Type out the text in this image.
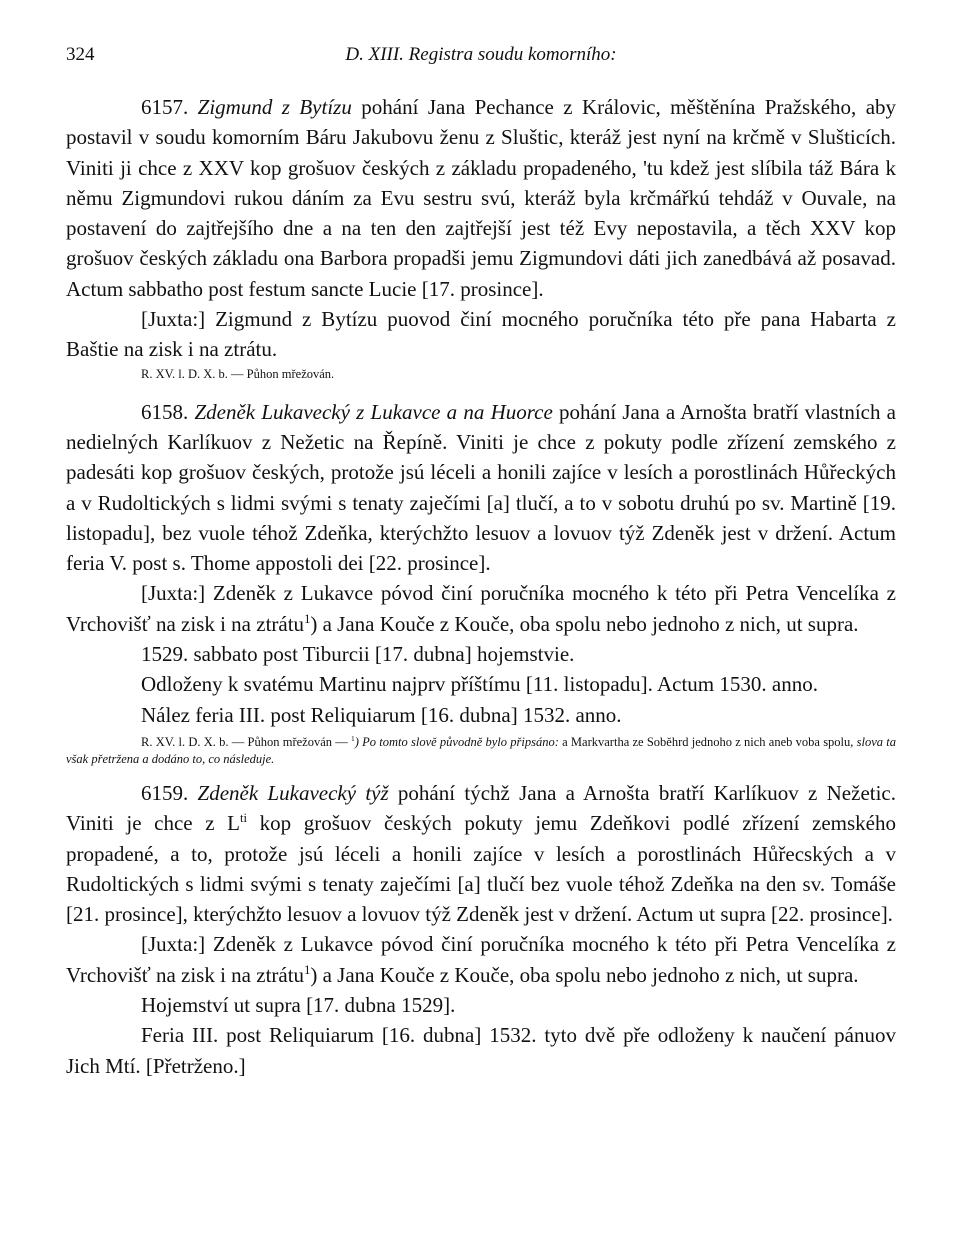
324	D. XIII. Registra soudu komorního:

6157. Zigmund z Bytízu pohání Jana Pechance z Královic, měštěnína Pražského, aby postavil v soudu komorním Báru Jakubovu ženu z Sluštic, kteráž jest nyní na krčmě v Slušticích. Viniti ji chce z XXV kop grošuov českých z základu propadeného, 'tu kdež jest slíbila táž Bára k němu Zigmundovi rukou dáním za Evu sestru svú, kteráž byla krčmářkú tehdáž v Ouvale, na postavení do zajtřejšího dne a na ten den zajtřejší jest též Evy nepostavila, a těch XXV kop grošuov českých základu ona Barbora propadši jemu Zigmundovi dáti jich zanedbává až posavad. Actum sabbatho post festum sancte Lucie [17. prosince].

[Juxta:] Zigmund z Bytízu puovod činí mocného poručníka této pře pana Habarta z Baštie na zisk i na ztrátu.

R. XV. l. D. X. b. — Půhon mřežován.

6158. Zdeněk Lukavecký z Lukavce a na Huorce pohání Jana a Arnošta bratří vlastních a nedielných Karlíkuov z Nežetic na Řepíně. Viniti je chce z pokuty podle zřízení zemského z padesáti kop grošuov českých, protože jsú léceli a honili zajíce v lesích a porostlinách Hůřeckých a v Rudoltických s lidmi svými s tenaty zaječími [a] tlučí, a to v sobotu druhú po sv. Martině [19. listopadu], bez vuole téhož Zdeňka, kterýchžto lesuov a lovuov týž Zdeněk jest v držení. Actum feria V. post s. Thome appostoli dei [22. prosince].

[Juxta:] Zdeněk z Lukavce póvod činí poručníka mocného k této při Petra Vencelíka z Vrchovišť na zisk i na ztrátu$^1$) a Jana Kouče z Kouče, oba spolu nebo jednoho z nich, ut supra.

1529. sabbato post Tiburcii [17. dubna] hojemstvie.

Odloženy k svatému Martinu najprv příštímu [11. listopadu]. Actum 1530. anno.

Nález feria III. post Reliquiarum [16. dubna] 1532. anno.

R. XV. l. D. X. b. — Půhon mřežován — $^1$) Po tomto slově původně bylo připsáno: a Markvartha ze Soběhrd jednoho z nich aneb voba spolu, slova ta však přetržena a dodáno to, co následuje.

6159. Zdeněk Lukavecký týž pohání týchž Jana a Arnošta bratří Karlíkuov z Nežetic. Viniti je chce z $L^{ti}$ kop grošuov českých pokuty jemu Zdeňkovi podlé zřízení zemského propadené, a to, protože jsú léceli a honili zajíce v lesích a porostlinách Hůřecských a v Rudoltických s lidmi svými s tenaty zaječími [a] tlučí bez vuole téhož Zdeňka na den sv. Tomáše [21. prosince], kterýchžto lesuov a lovuov týž Zdeněk jest v držení. Actum ut supra [22. prosince].

[Juxta:] Zdeněk z Lukavce póvod činí poručníka mocného k této při Petra Vencelíka z Vrchovišť na zisk i na ztrátu$^1$) a Jana Kouče z Kouče, oba spolu nebo jednoho z nich, ut supra.

Hojemství ut supra [17. dubna 1529].

Feria III. post Reliquiarum [16. dubna] 1532. tyto dvě pře odloženy k naučení pánuov Jich Mtí. [Přetrženo.]
